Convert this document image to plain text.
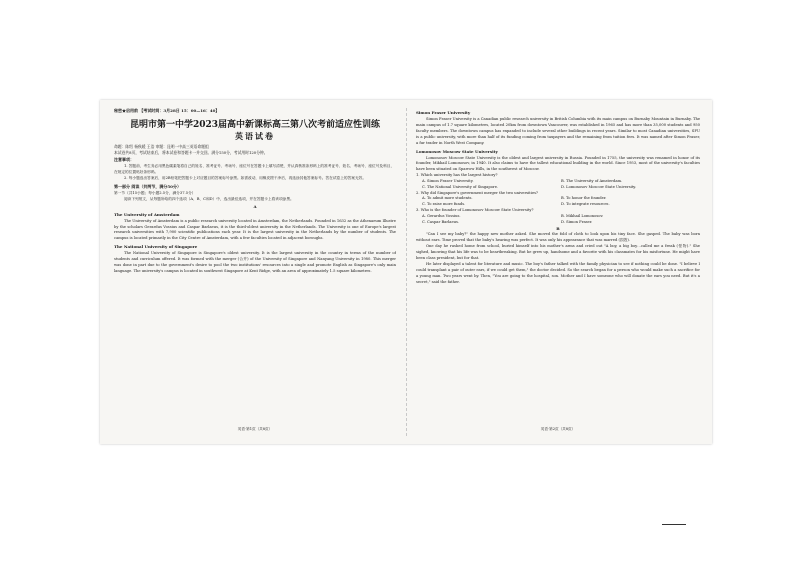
秘密★启用前 【考试时间：3月28日 15：00—16：40】

昆明市第一中学2023届高中新课标高三第八次考前适应性训练

英语试卷

命题：陈绍 杨秋媛 王浩 审题：昆明一中高三英语命题组

本试卷共8页，考试结束后，将本试卷和答题卡一并交回。满分150分，考试用时120分钟。

注意事项：

1. 答题前，考生务必用黑色碳素笔将自己的姓名、准考证号、考场号、座位号在答题卡上填写清楚，并认真核准条形码上的准考证号、姓名、考场号、座位号及科目，在规定的位置贴好条形码。

2. 每小题选出答案后，用2B铅笔把答题卡上对应题目的答案标号涂黑。如需改动，用橡皮擦干净后，再选涂其他答案标号。答在试卷上的答案无效。

第一部分 阅读（共两节，满分50分）

第一节（共15小题；每小题2.5分，满分37.5分）

阅读下列短文，从每题所给的四个选项（A、B、C和D）中，选出最佳选项，并在答题卡上将该项涂黑。

A

The University of Amsterdam

The University of Amsterdam is a public research university located in Amsterdam, the Netherlands. Founded in 1632 as the Athenaeum Illustre by the scholars Gerardus Vossius and Caspar Barlaeus, it is the third-oldest university in the Netherlands. The University is one of Europe's largest research universities with 7,900 scientific publications each year. It is the largest university in the Netherlands by the number of students. The campus is located primarily in the City Centre of Amsterdam, with a few faculties located in adjacent boroughs.

The National University of Singapore

The National University of Singapore is Singapore's oldest university. It is the largest university in the country in terms of the number of students and curriculum offered. It was formed with the merger (合并) of the University of Singapore and Nanyang University in 1980. This merger was done in part due to the government's desire to pool the two institutions' resources into a single and promote English as Singapore's only main language. The university's campus is located in southwest Singapore at Kent Ridge, with an area of approximately 1.5 square kilometres.

英语·第1页（共8页）

Simon Fraser University

Simon Fraser University is a Canadian public research university in British Columbia with its main campus on Burnaby Mountain in Burnaby. The main campus of 1.7 square kilometres, located 20km from downtown Vancouver, was established in 1965 and has more than 35,000 students and 950 faculty members. The downtown campus has expanded to include several other buildings in recent years. Similar to most Canadian universities, SFU is a public university, with more than half of its funding coming from taxpayers and the remaining from tuition fees. It was named after Simon Fraser, a fur trader in North West Company.

Lomonosov Moscow State University

Lomonosov Moscow State University is the oldest and largest university in Russia. Founded in 1755, the university was renamed in honor of its founder, Mikhail Lomonosov, in 1940. It also claims to have the tallest educational building in the world. Since 1953, most of the university's faculties have been situated on Sparrow Hills, in the southwest of Moscow.

1. Which university has the largest history?

A. Simon Fraser University.	B. The University of Amsterdam.
C. The National University of Singapore.	D. Lomonosov Moscow State University.

2. Why did Singapore's government merger the two universities?

A. To admit more students.	B. To honor the founder.
C. To raise more funds.	D. To integrate resources.

3. Who is the founder of Lomonosov Moscow State University?

A. Gerardus Vossius.	B. Mikhail Lomonosov.
C. Caspar Barlaeus.	D. Simon Fraser.

B

"Can I see my baby?" the happy new mother asked. She moved the fold of cloth to look upon his tiny face. She gasped. The baby was born without ears. Time proved that the baby's hearing was perfect. It was only his appearance that was marred (损毁).

One day he rushed home from school, buried himself into his mother's arms and cried out "A boy, a big boy…called me a freak (怪物)." She sighed, knowing that his life was to be heartbreaking. But he grew up, handsome and a favorite with his classmates for his misfortune. He might have been class president, but for that.

He later displayed a talent for literature and music. The boy's father talked with the family physician to see if nothing could be done. "I believe I could transplant a pair of outer ears, if we could get them," the doctor decided. So the search began for a person who would make such a sacrifice for a young man. Two years went by. Then, "You are going to the hospital, son. Mother and I have someone who will donate the ears you need. But it's a secret," said the father.

英语·第2页（共8页）
